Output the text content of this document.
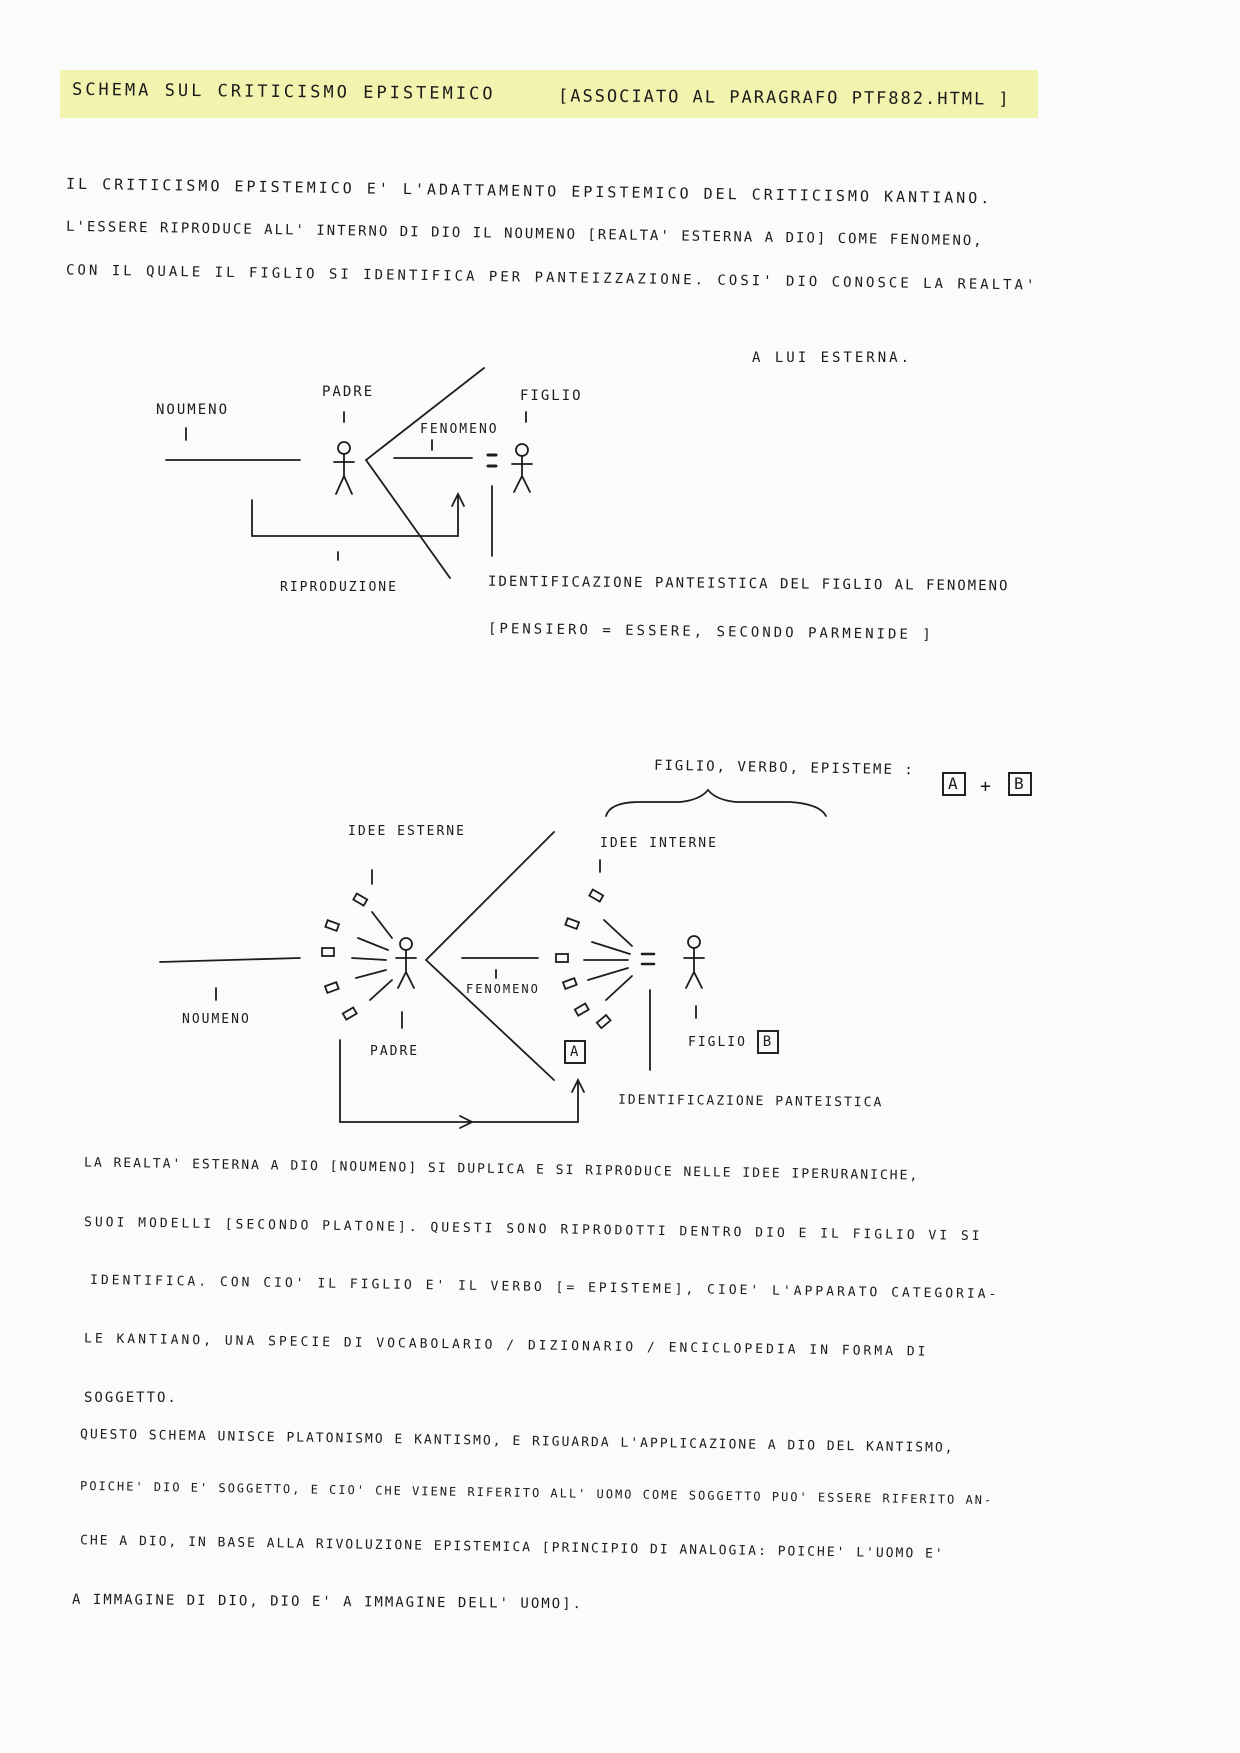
SCHEMA SUL CRITICISMO EPISTEMICO	[ASSOCIATO AL PARAGRAFO PTF882.HTML ]
IL CRITICISMO EPISTEMICO E' L'ADATTAMENTO EPISTEMICO DEL CRITICISMO KANTIANO.
L'ESSERE RIPRODUCE ALL' INTERNO DI DIO IL NOUMENO [REALTA' ESTERNA A DIO] COME FENOMENO,
CON IL QUALE IL FIGLIO SI IDENTIFICA PER PANTEIZZAZIONE. COSI' DIO CONOSCE LA REALTA'
A LUI ESTERNA.
NOUMENO
PADRE
FENOMENO
FIGLIO
RIPRODUZIONE	IDENTIFICAZIONE PANTEISTICA DEL FIGLIO AL FENOMENO
[PENSIERO = ESSERE, SECONDO PARMENIDE ]
FIGLIO, VERBO, EPISTEME :
A	+	B
IDEE ESTERNE
IDEE INTERNE
NOUMENO
FENOMENO
PADRE	A
FIGLIO B
IDENTIFICAZIONE PANTEISTICA
LA REALTA' ESTERNA A DIO [NOUMENO] SI DUPLICA E SI RIPRODUCE NELLE IDEE IPERURANICHE,
SUOI MODELLI [SECONDO PLATONE]. QUESTI SONO RIPRODOTTI DENTRO DIO E IL FIGLIO VI SI
IDENTIFICA. CON CIO' IL FIGLIO E' IL VERBO [= EPISTEME], CIOE' L'APPARATO CATEGORIA-
LE KANTIANO, UNA SPECIE DI VOCABOLARIO / DIZIONARIO / ENCICLOPEDIA IN FORMA DI
SOGGETTO.
QUESTO SCHEMA UNISCE PLATONISMO E KANTISMO, E RIGUARDA L'APPLICAZIONE A DIO DEL KANTISMO,
POICHE' DIO E' SOGGETTO, E CIO' CHE VIENE RIFERITO ALL' UOMO COME SOGGETTO PUO' ESSERE RIFERITO AN-
CHE A DIO, IN BASE ALLA RIVOLUZIONE EPISTEMICA [PRINCIPIO DI ANALOGIA: POICHE' L'UOMO E'
A IMMAGINE DI DIO, DIO E' A IMMAGINE DELL' UOMO].
